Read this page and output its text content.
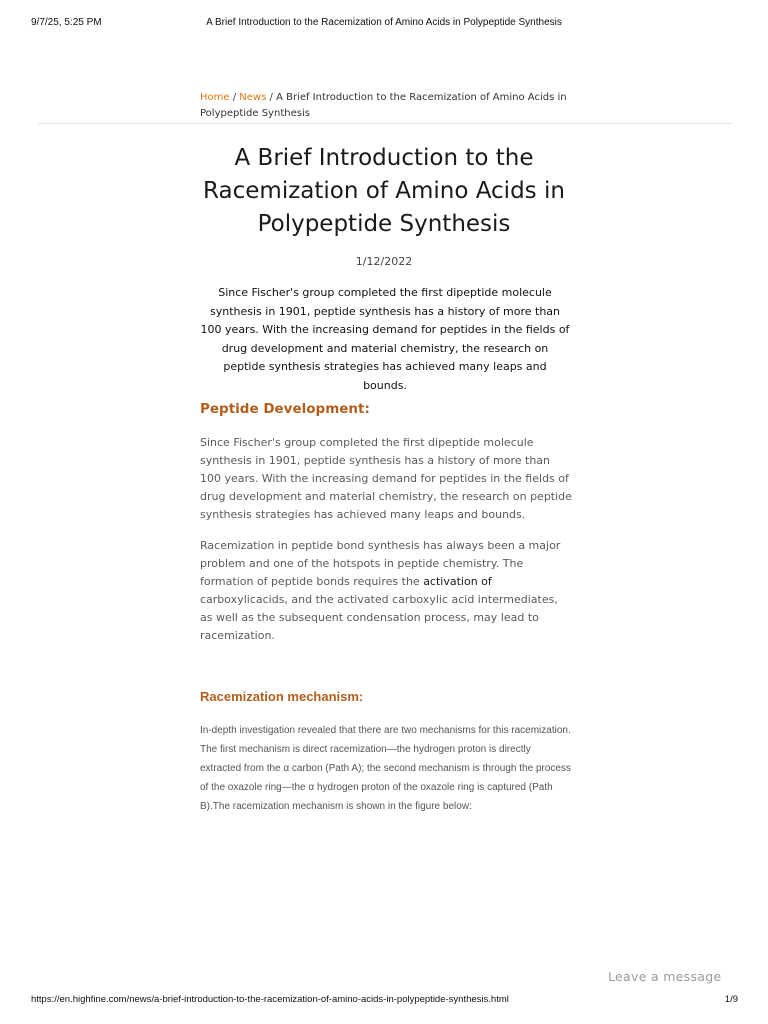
9/7/25, 5:25 PM	A Brief Introduction to the Racemization of Amino Acids in Polypeptide Synthesis
Home / News / A Brief Introduction to the Racemization of Amino Acids in Polypeptide Synthesis
A Brief Introduction to the Racemization of Amino Acids in Polypeptide Synthesis
1/12/2022

Since Fischer's group completed the first dipeptide molecule synthesis in 1901, peptide synthesis has a history of more than 100 years. With the increasing demand for peptides in the fields of drug development and material chemistry, the research on peptide synthesis strategies has achieved many leaps and bounds.

Peptide Development:

Since Fischer's group completed the first dipeptide molecule synthesis in 1901, peptide synthesis has a history of more than 100 years. With the increasing demand for peptides in the fields of drug development and material chemistry, the research on peptide synthesis strategies has achieved many leaps and bounds.

Racemization in peptide bond synthesis has always been a major problem and one of the hotspots in peptide chemistry. The formation of peptide bonds requires the activation of carboxylicacids, and the activated carboxylic acid intermediates, as well as the subsequent condensation process, may lead to racemization.

Racemization mechanism:

In-depth investigation revealed that there are two mechanisms for this racemization. The first mechanism is direct racemization—the hydrogen proton is directly extracted from the α carbon (Path A); the second mechanism is through the process of the oxazole ring—the α hydrogen proton of the oxazole ring is captured (Path B).The racemization mechanism is shown in the figure below:

Leave a message
https://en.highfine.com/news/a-brief-introduction-to-the-racemization-of-amino-acids-in-polypeptide-synthesis.html	1/9
